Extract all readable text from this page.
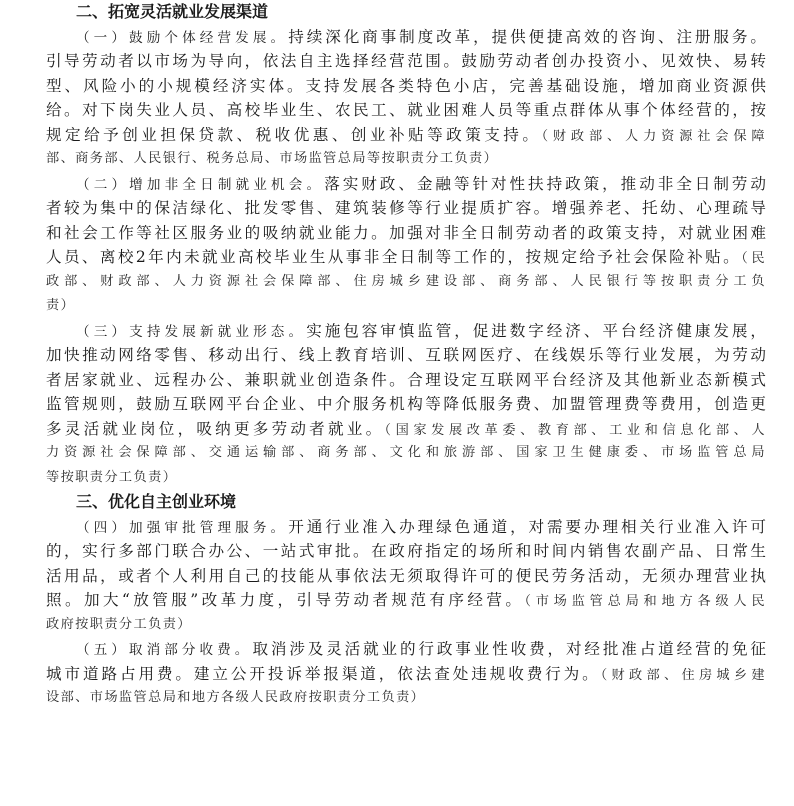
二、拓宽灵活就业发展渠道
（一）鼓励个体经营发展。持续深化商事制度改革，提供便捷高效的咨询、注册服务。
引导劳动者以市场为导向，依法自主选择经营范围。鼓励劳动者创办投资小、见效快、易转
型、风险小的小规模经济实体。支持发展各类特色小店，完善基础设施，增加商业资源供
给。对下岗失业人员、高校毕业生、农民工、就业困难人员等重点群体从事个体经营的，按
规定给予创业担保贷款、税收优惠、创业补贴等政策支持。（财政部、人力资源社会保障
部、商务部、人民银行、税务总局、市场监管总局等按职责分工负责）
（二）增加非全日制就业机会。落实财政、金融等针对性扶持政策，推动非全日制劳动
者较为集中的保洁绿化、批发零售、建筑装修等行业提质扩容。增强养老、托幼、心理疏导
和社会工作等社区服务业的吸纳就业能力。加强对非全日制劳动者的政策支持，对就业困难
人员、离校2年内未就业高校毕业生从事非全日制等工作的，按规定给予社会保险补贴。（民
政部、财政部、人力资源社会保障部、住房城乡建设部、商务部、人民银行等按职责分工负
责）
（三）支持发展新就业形态。实施包容审慎监管，促进数字经济、平台经济健康发展，
加快推动网络零售、移动出行、线上教育培训、互联网医疗、在线娱乐等行业发展，为劳动
者居家就业、远程办公、兼职就业创造条件。合理设定互联网平台经济及其他新业态新模式
监管规则，鼓励互联网平台企业、中介服务机构等降低服务费、加盟管理费等费用，创造更
多灵活就业岗位，吸纳更多劳动者就业。（国家发展改革委、教育部、工业和信息化部、人
力资源社会保障部、交通运输部、商务部、文化和旅游部、国家卫生健康委、市场监管总局
等按职责分工负责）
三、优化自主创业环境
（四）加强审批管理服务。开通行业准入办理绿色通道，对需要办理相关行业准入许可
的，实行多部门联合办公、一站式审批。在政府指定的场所和时间内销售农副产品、日常生
活用品，或者个人利用自己的技能从事依法无须取得许可的便民劳务活动，无须办理营业执
照。加大“放管服”改革力度，引导劳动者规范有序经营。（市场监管总局和地方各级人民
政府按职责分工负责）
（五）取消部分收费。取消涉及灵活就业的行政事业性收费，对经批准占道经营的免征
城市道路占用费。建立公开投诉举报渠道，依法查处违规收费行为。（财政部、住房城乡建
设部、市场监管总局和地方各级人民政府按职责分工负责）
